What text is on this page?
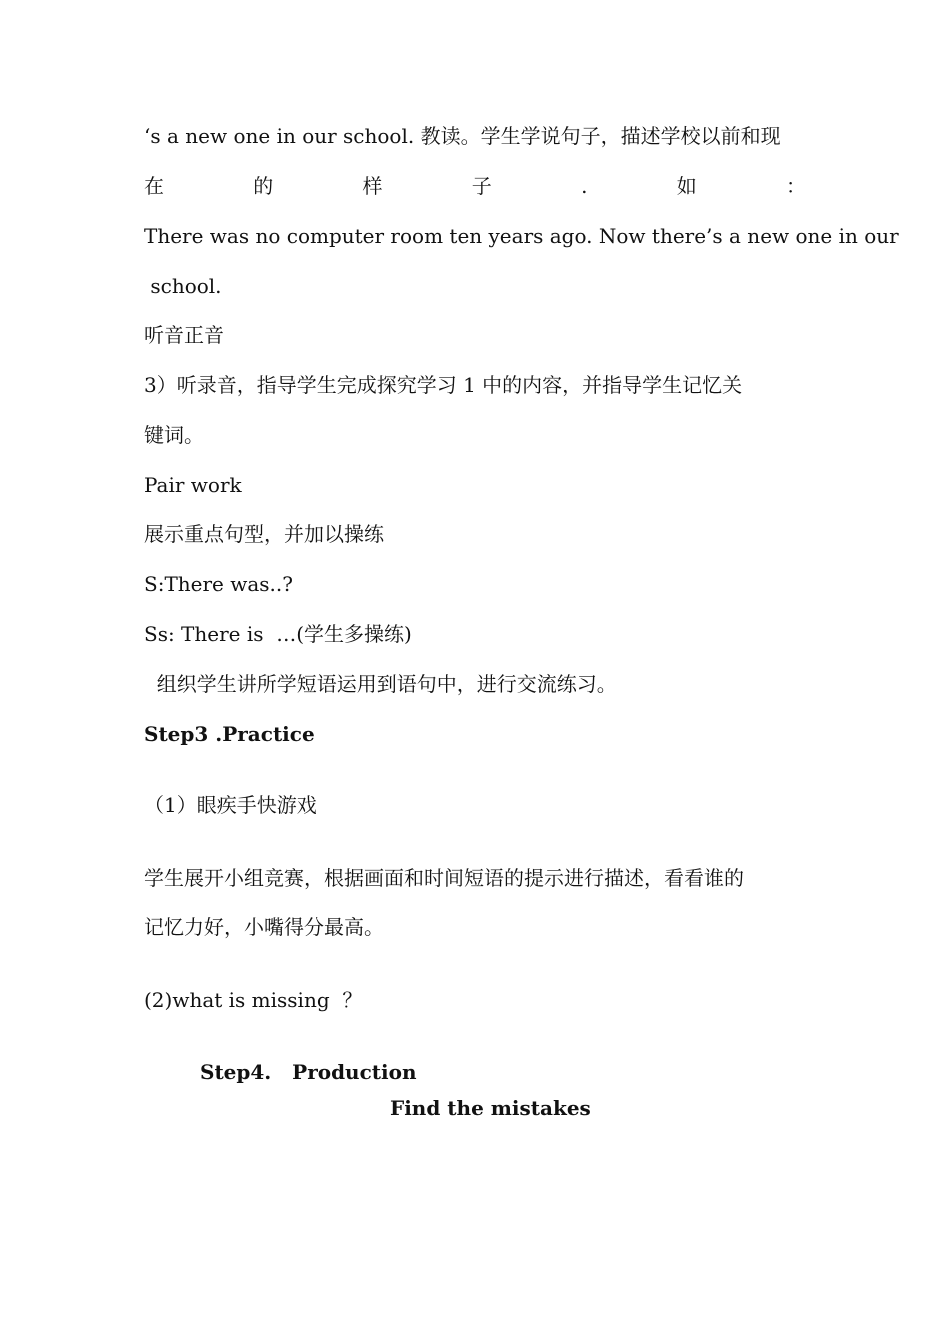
‘s a new one in our school. 教读。学生学说句子，描述学校以前和现
在	的	样	子	.	如	：
There was no computer room ten years ago. Now there’s a new one in our
school.
听音正音
3）听录音，指导学生完成探究学习 1 中的内容，并指导学生记忆关
键词。
Pair work
展示重点句型，并加以操练
S:There was..?
Ss: There is  …(学生多操练)
组织学生讲所学短语运用到语句中，进行交流练习。
Step3 .Practice
（1）眼疾手快游戏
学生展开小组竞赛，根据画面和时间短语的提示进行描述，看看谁的
记忆力好，小嘴得分最高。
(2)what is missing  ？
Step4.   Production
Find the mistakes
